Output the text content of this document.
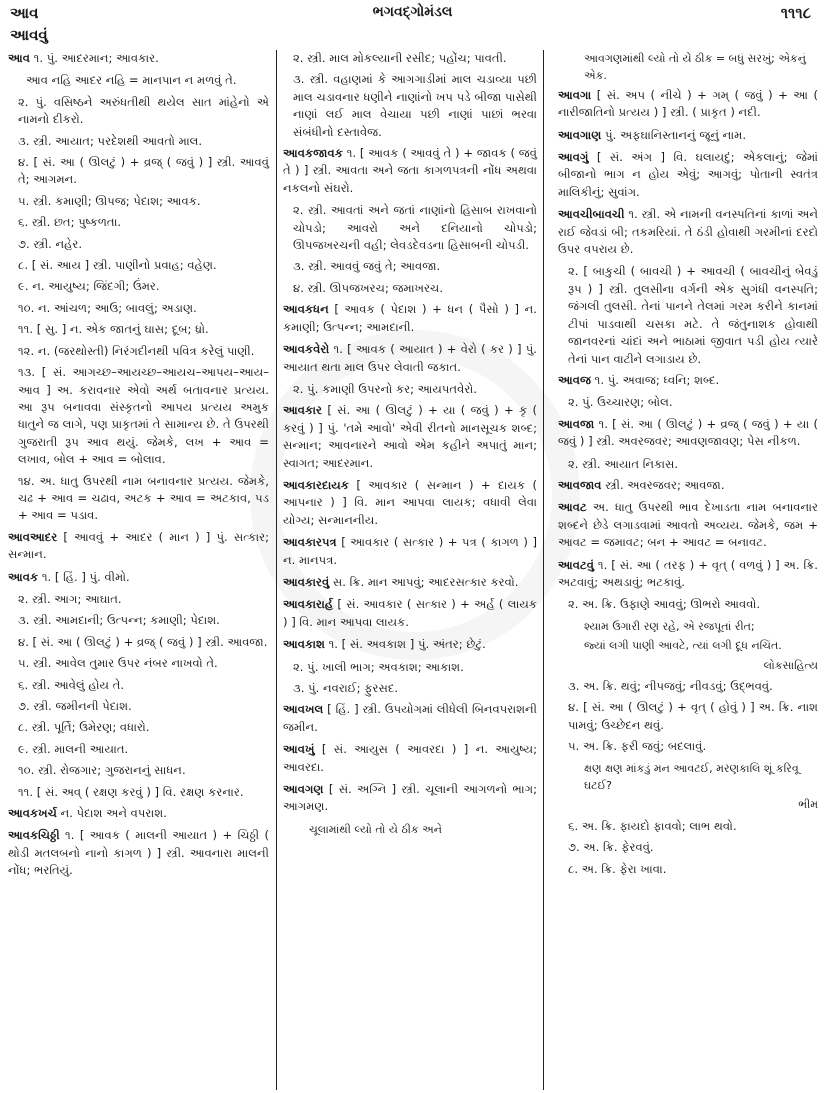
આવ	ભગવદ્ગોમંડલ	૧૧૧૮
આવવું
આવ ૧. પું. આદરમાન; આવકાર.
આવ નહિ આદર નહિ = માનપાન ન મળવું તે.
૨. પું. વસિષ્ઠને અરુંધતીથી થયેલ સાત માંહેનો એ નામનો દીકરો.
૩. સ્ત્રી. આયાત; પરદેશથી આવતો માલ.
૪. [ સં. આ ( ઊલટું ) + વ્રજ્ ( જવું ) ] સ્ત્રી. આવવું તે; આગમન.
૫. સ્ત્રી. કમાણી; ઊપજ; પેદાશ; આવક.
૬. સ્ત્રી. છત; પુષ્કળતા.
૭. સ્ત્રી. નહેર.
૮. [ સં. આય ] સ્ત્રી. પાણીનો પ્રવાહ; વહેણ.
૯. ન. આયુષ્ય; જિંદગી; ઉંમર.
૧૦. ન. આંચળ; આઉ; બાવલું; અડાણ.
૧૧. [ સુ. ] ન. એક જાતનું ઘાસ; દૂબ; ધ્રો.
૧૨. ન. (જરથોસ્તી) નિરંગદીનથી પવિત્ર કરેલું પાણી.
૧૩. [ સં. આગચ્છ–આયચ્છ–આયચ–આપય–આય–આવ ] અ. કરાવનાર એવો અર્થ બતાવનાર પ્રત્યય. આ રૂપ બનાવવા સંસ્કૃતનો આપય પ્રત્યય અમુક ધાતુને જ લાગે, પણ પ્રાકૃતમાં તે સામાન્ય છે. તે ઉપરથી ગુજરાતી રૂપ આવ થયું. જેમકે, લખ + આવ = લખાવ, બોલ + આવ = બોલાવ.
૧૪. અ. ધાતુ ઉપરથી નામ બનાવનાર પ્રત્યય. જેમકે, ચઢ + આવ = ચઢાવ, અટક + આવ = અટકાવ, પડ + આવ = પડાવ.
આવઆદર [ આવવું + આદર ( માન ) ] પું. સત્કાર; સન્માન.
આવક ૧. [ હિં. ] પું. વીમો.
૨. સ્ત્રી. આગ; આઘાત.
૩. સ્ત્રી. આમદાની; ઉત્પન્ન; કમાણી; પેદાશ.
૪. [ સં. આ ( ઊલટું ) + વ્રજ્ ( જવું ) ] સ્ત્રી. આવજા.
૫. સ્ત્રી. આવેલ તુમાર ઉપર નંબર નાખવો તે.
૬. સ્ત્રી. આવેલું હોય તે.
૭. સ્ત્રી. જમીનની પેદાશ.
૮. સ્ત્રી. પૂર્તિ; ઉમેરણ; વધારો.
૯. સ્ત્રી. માલની આયાત.
૧૦. સ્ત્રી. રોજગાર; ગુજરાનનું સાધન.
૧૧. [ સં. અવ્ ( રક્ષણ કરવું ) ] વિ. રક્ષણ કરનાર.
આવકખર્ચ ન. પેદાશ અને વપરાશ.
આવકચિઠ્ઠી ૧. [ આવક ( માલની આયાત ) + ચિઠ્ઠી ( થોડી મતલબનો નાનો કાગળ ) ] સ્ત્રી. આવનારા માલની નોંધ; ભરતિયું.
૨. સ્ત્રી. માલ મોકલ્યાની રસીદ; પહોંચ; પાવતી.
૩. સ્ત્રી. વહાણમાં કે આગગાડીમાં માલ ચડાવ્યા પછી માલ ચડાવનાર ધણીને નાણાંનો ખપ પડે બીજા પાસેથી નાણાં લઈ માલ વેચાયા પછી નાણાં પાછાં ભરવા સંબંધીનો દસ્તાવેજ.
આવકજાવક ૧. [ આવક ( આવવું તે ) + જાવક ( જવું તે ) ] સ્ત્રી. આવતા અને જતા કાગળપત્રની નોંધ અથવા નકલનો સંઘરો.
૨. સ્ત્રી. આવતાં અને જતાં નાણાંનો હિસાબ રાખવાનો ચોપડો; આવરો અને દનિયાનો ચોપડો; ઊપજખરચની વહી; લેવડદેવડના હિસાબની ચોપડી.
૩. સ્ત્રી. આવવું જવું તે; આવજા.
૪. સ્ત્રી. ઊપજખરચ; જમાખરચ.
આવકધન [ આવક ( પેદાશ ) + ધન ( પૈસો ) ] ન. કમાણી; ઉત્પન્ન; આમદાની.
આવકવેરો ૧. [ આવક ( આયાત ) + વેરો ( કર ) ] પું. આયાત થતા માલ ઉપર લેવાતી જકાત.
૨. પું. કમાણી ઉપરનો કર; આયપતવેરો.
આવકાર [ સં. આ ( ઊલટું ) + યા ( જવું ) + કૃ ( કરવું ) ] પું. 'તમે આવો' એવી રીતનો માનસૂચક શબ્દ; સન્માન; આવનારને આવો એમ કહીને અપાતું માન; સ્વાગત; આદરમાન.
આવકારદાયક [ આવકાર ( સન્માન ) + દાયક ( આપનાર ) ] વિ. માન આપવા લાયક; વધાવી લેવા યોગ્ય; સન્માનનીય.
આવકારપત્ર [ આવકાર ( સત્કાર ) + પત્ર ( કાગળ ) ] ન. માનપત્ર.
આવકારવું સ. ક્રિ. માન આપવું; આદરસત્કાર કરવો.
આવકારાર્હ [ સં. આવકાર ( સત્કાર ) + અર્હ ( લાયક ) ] વિ. માન આપવા લાયક.
આવકાશ ૧. [ સં. અવકાશ ] પું. અંતર; છેટું.
૨. પું. ખાલી ભાગ; અવકાશ; આકાશ.
૩. પું. નવરાઈ; ફુરસદ.
આવખલ [ હિં. ] સ્ત્રી. ઉપયોગમાં લીધેલી બિનવપરાશની જમીન.
આવખું [ સં. આયુસ ( આવરદા ) ] ન. આયુષ્ય; આવરદા.
આવગણ [ સં. અગ્નિ ] સ્ત્રી. ચૂલાની આગળનો ભાગ; આગમણ.
ચૂલામાંથી લ્યો તો યે ઠીક અને
આવગણમાંથી લ્યો તો યે ઠીક = બધું સરખું; એકનું એક.
આવગા [ સં. અપ ( નીચે ) + ગમ્ ( જવું ) + આ ( નારીજાતિનો પ્રત્યય ) ] સ્ત્રી. ( પ્રાકૃત ) નદી.
આવગાણ પું. અફઘાનિસ્તાનનું જૂનું નામ.
આવગું [ સં. અંગ ] વિ. ઘલાયદું; એકલાનું; જેમાં બીજાનો ભાગ ન હોય એવું; આગવું; પોતાની સ્વતંત્ર માલિકીનું; સુવાંગ.
આવચીબાવચી ૧. સ્ત્રી. એ નામની વનસ્પતિનાં કાળાં અને રાઈ જેવડાં બી; તકમરિયાં. તે ઠંડી હોવાથી ગરમીનાં દરદો ઉપર વપરાય છે.
૨. [ બાકુચી ( બાવચી ) + આવચી ( બાવચીનું બેવડું રૂપ ) ] સ્ત્રી. તુલસીના વર્ગની એક સુગંધી વનસ્પતિ; જંગલી તુલસી. તેનાં પાનને તેલમાં ગરમ કરીને કાનમાં ટીપાં પાડવાથી ચસકા મટે. તે જંતુનાશક હોવાથી જાનવરનાં ચાંદાં અને ભાઠામાં જીવાત પડી હોય ત્યારે તેનાં પાન વાટીને લગાડાય છે.
આવજ ૧. પું. અવાજ; ધ્વનિ; શબ્દ.
૨. પું. ઉચ્ચારણ; બોલ.
આવજા ૧. [ સં. આ ( ઊલટું ) + વ્રજ્ ( જવું ) + યા ( જવું ) ] સ્ત્રી. અવરજવર; આવણજાવણ; પેસ નીકળ.
૨. સ્ત્રી. આયાત નિકાસ.
આવજાવ સ્ત્રી. અવરજવર; આવજા.
આવટ અ. ધાતુ ઉપરથી ભાવ દેખાડતા નામ બનાવનાર શબ્દને છેડે લગાડવામાં આવતો અવ્યય. જેમકે, જમ + આવટ = જમાવટ; બન + આવટ = બનાવટ.
આવટવું ૧. [ સં. આ ( તરફ ) + વૃત્ ( વળવું ) ] અ. ક્રિ. અટવાવું; અથડાવું; ભટકાવું.
૨. અ. ક્રિ. ઉફાણે આવવું; ઊભરો આવવો.
શ્યામ ઉગારી રણ રહે, એ રજપૂતાં રીત;
જ્યાં લગી પાણી આવટે, ત્યાં લગી દૂધ નચિંત.
લોકસાહિત્ય
૩. અ. ક્રિ. થવું; નીપજવું; નીવડવું; ઉદ્ભવવું.
૪. [ સં. આ ( ઊલટું ) + વૃત્ ( હોવું ) ] અ. ક્રિ. નાશ પામવું; ઉચ્છેદન થવું.
૫. અ. ક્રિ. ફરી જવું; બદલાવું.
ક્ષણ ક્ષણ માંકડું મન આવટઈ, મરણકાલિ શૂં કરિવૂ ઘટઈ?
ભીમ
૬. અ. ક્રિ. ફાયદો ફાવવો; લાભ થવો.
૭. અ. ક્રિ. ફેરવવું.
૮. અ. ક્રિ. ફેરા ખાવા.
